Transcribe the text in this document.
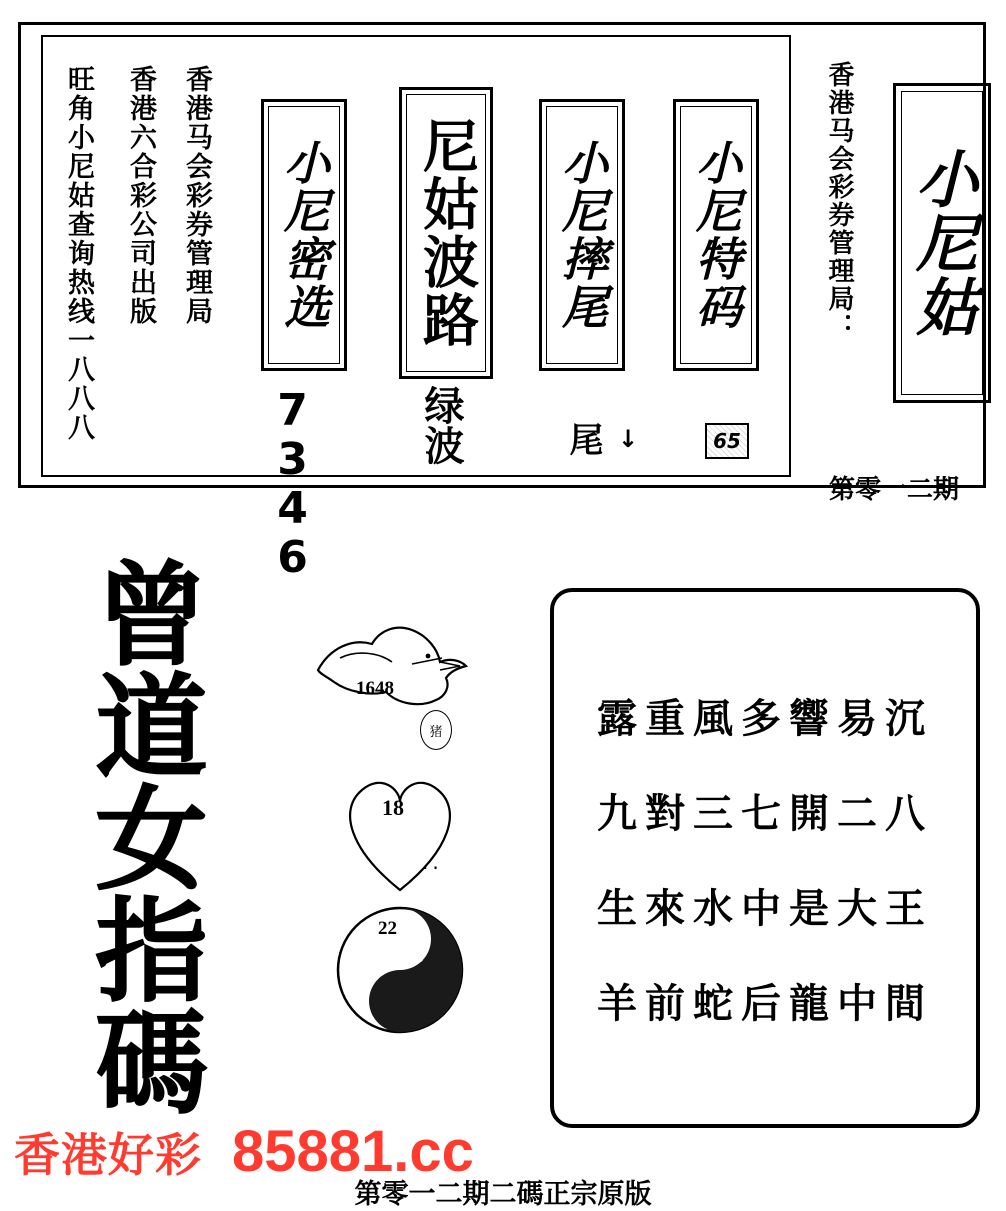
旺角小尼姑查询热线一八八八 香港六合彩公司出版 香港马会彩券管理局 小尼密选
7346
尼姑波路
绿波
小尼摔尾
↓ 尾
小尼特码
65
香港马会彩券管理局： 小尼姑
第零一二期
曾道女指碼	1648
猪
18
..
22
19
露重風多響易沉
九對三七開二八
生來水中是大王
羊前蛇后龍中間
香港好彩 85881.cc
第零一二期二碼正宗原版
